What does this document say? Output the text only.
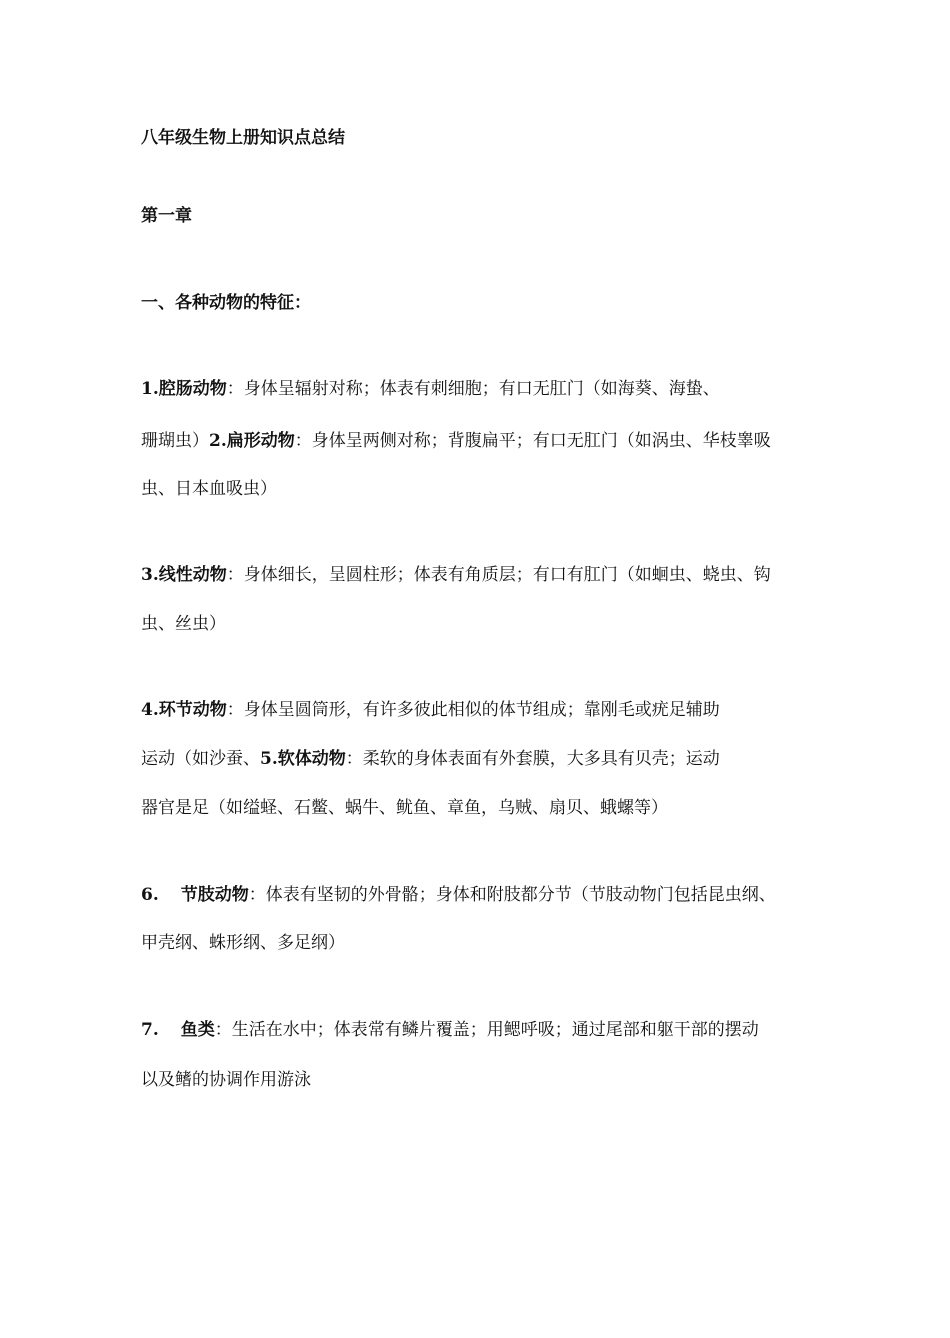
八年级生物上册知识点总结
第一章
一、各种动物的特征：
1.腔肠动物：身体呈辐射对称；体表有刺细胞；有口无肛门（如海葵、海蛰、
珊瑚虫）2.扁形动物：身体呈两侧对称；背腹扁平；有口无肛门（如涡虫、华枝睾吸
虫、日本血吸虫）
3.线性动物：身体细长，呈圆柱形；体表有角质层；有口有肛门（如蛔虫、蛲虫、钩
虫、丝虫）
4.环节动物：身体呈圆筒形，有许多彼此相似的体节组成；靠刚毛或疣足辅助
运动（如沙蚕、5.软体动物：柔软的身体表面有外套膜，大多具有贝壳；运动
器官是足（如缢蛏、石鳖、蜗牛、鱿鱼、章鱼，乌贼、扇贝、蛾螺等）
6. 节肢动物：体表有坚韧的外骨骼；身体和附肢都分节（节肢动物门包括昆虫纲、
甲壳纲、蛛形纲、多足纲）
7. 鱼类：生活在水中；体表常有鳞片覆盖；用鳃呼吸；通过尾部和躯干部的摆动
以及鳍的协调作用游泳
